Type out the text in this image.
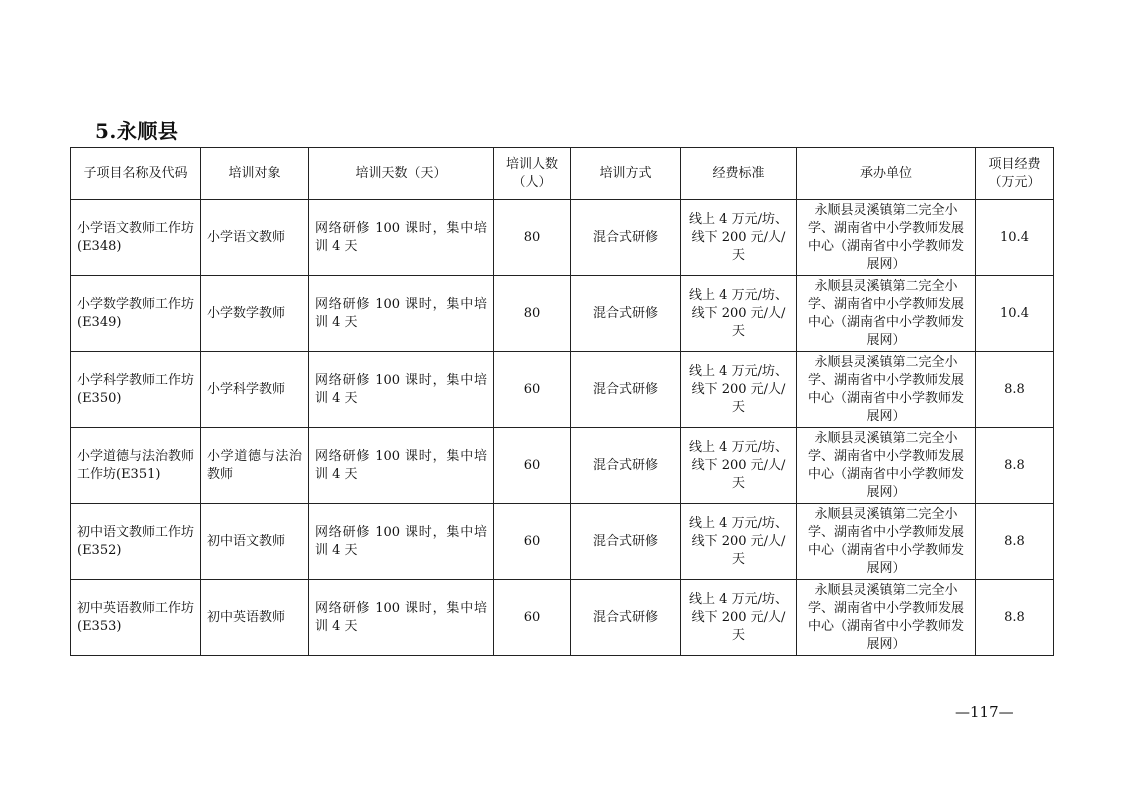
5.永顺县
子项目名称及代码	培训对象	培训天数（天）	培训人数（人）	培训方式	经费标准	承办单位	项目经费（万元）
小学语文教师工作坊(E348)	小学语文教师	网络研修 100 课时，集中培训 4 天	80	混合式研修	线上 4 万元/坊、线下 200 元/人/天	永顺县灵溪镇第二完全小学、湖南省中小学教师发展中心（湖南省中小学教师发展网）	10.4
小学数学教师工作坊(E349)	小学数学教师	网络研修 100 课时，集中培训 4 天	80	混合式研修	线上 4 万元/坊、线下 200 元/人/天	永顺县灵溪镇第二完全小学、湖南省中小学教师发展中心（湖南省中小学教师发展网）	10.4
小学科学教师工作坊(E350)	小学科学教师	网络研修 100 课时，集中培训 4 天	60	混合式研修	线上 4 万元/坊、线下 200 元/人/天	永顺县灵溪镇第二完全小学、湖南省中小学教师发展中心（湖南省中小学教师发展网）	8.8
小学道德与法治教师工作坊(E351)	小学道德与法治教师	网络研修 100 课时，集中培训 4 天	60	混合式研修	线上 4 万元/坊、线下 200 元/人/天	永顺县灵溪镇第二完全小学、湖南省中小学教师发展中心（湖南省中小学教师发展网）	8.8
初中语文教师工作坊(E352)	初中语文教师	网络研修 100 课时，集中培训 4 天	60	混合式研修	线上 4 万元/坊、线下 200 元/人/天	永顺县灵溪镇第二完全小学、湖南省中小学教师发展中心（湖南省中小学教师发展网）	8.8
初中英语教师工作坊(E353)	初中英语教师	网络研修 100 课时，集中培训 4 天	60	混合式研修	线上 4 万元/坊、线下 200 元/人/天	永顺县灵溪镇第二完全小学、湖南省中小学教师发展中心（湖南省中小学教师发展网）	8.8
—117—
